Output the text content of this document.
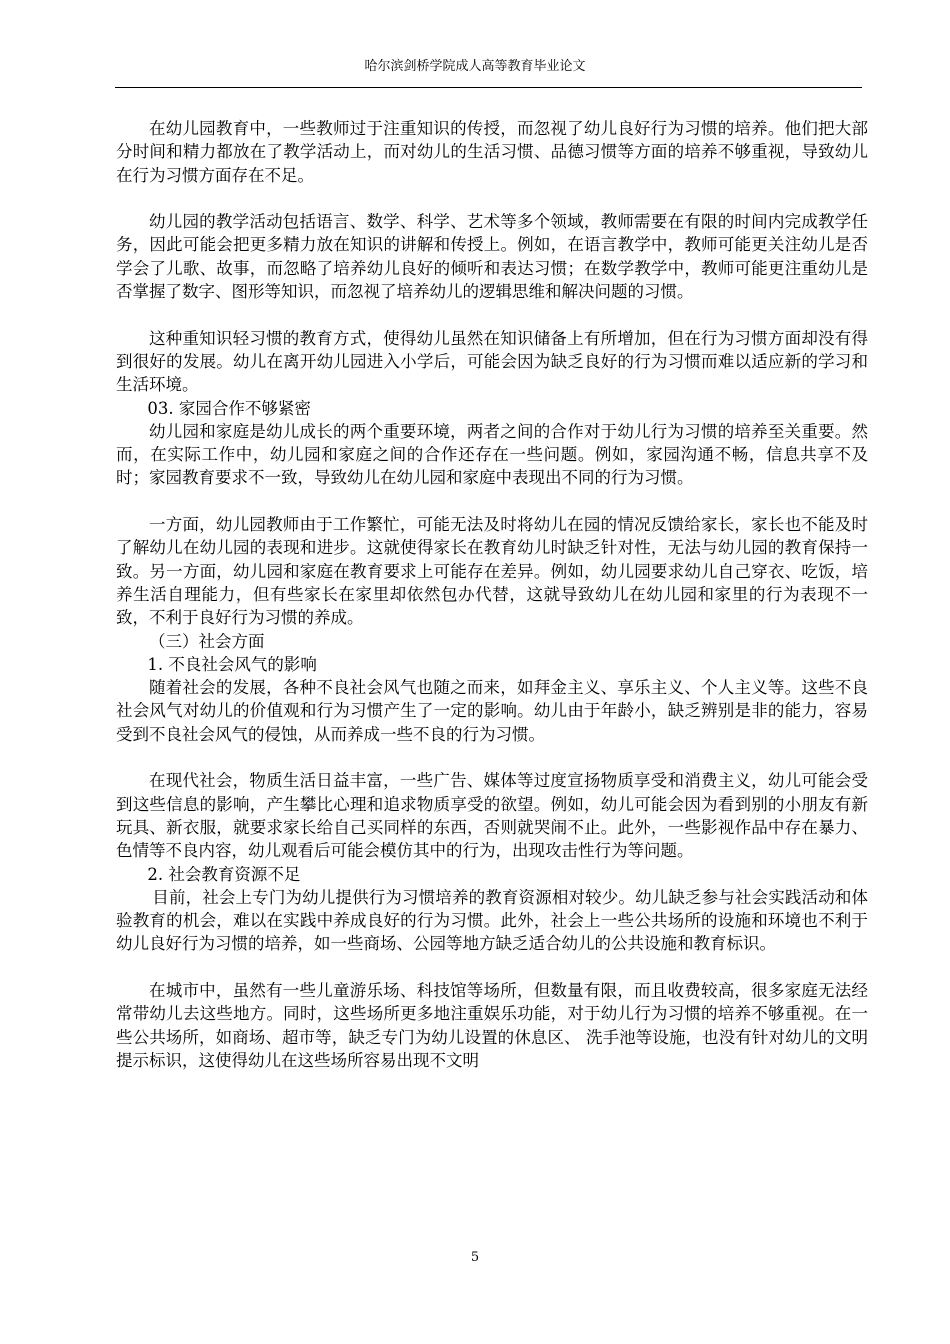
哈尔滨剑桥学院成人高等教育毕业论文

在幼儿园教育中，一些教师过于注重知识的传授，而忽视了幼儿良好行为习惯的培养。他们把大部分时间和精力都放在了教学活动上，而对幼儿的生活习惯、品德习惯等方面的培养不够重视，导致幼儿在行为习惯方面存在不足。

幼儿园的教学活动包括语言、数学、科学、艺术等多个领域，教师需要在有限的时间内完成教学任务，因此可能会把更多精力放在知识的讲解和传授上。例如，在语言教学中，教师可能更关注幼儿是否学会了儿歌、故事，而忽略了培养幼儿良好的倾听和表达习惯；在数学教学中，教师可能更注重幼儿是否掌握了数字、图形等知识，而忽视了培养幼儿的逻辑思维和解决问题的习惯。

这种重知识轻习惯的教育方式，使得幼儿虽然在知识储备上有所增加，但在行为习惯方面却没有得到很好的发展。幼儿在离开幼儿园进入小学后，可能会因为缺乏良好的行为习惯而难以适应新的学习和生活环境。

03. 家园合作不够紧密

幼儿园和家庭是幼儿成长的两个重要环境，两者之间的合作对于幼儿行为习惯的培养至关重要。然而，在实际工作中，幼儿园和家庭之间的合作还存在一些问题。例如，家园沟通不畅，信息共享不及时；家园教育要求不一致，导致幼儿在幼儿园和家庭中表现出不同的行为习惯。

一方面，幼儿园教师由于工作繁忙，可能无法及时将幼儿在园的情况反馈给家长，家长也不能及时了解幼儿在幼儿园的表现和进步。这就使得家长在教育幼儿时缺乏针对性，无法与幼儿园的教育保持一致。另一方面，幼儿园和家庭在教育要求上可能存在差异。例如，幼儿园要求幼儿自己穿衣、吃饭，培养生活自理能力，但有些家长在家里却依然包办代替，这就导致幼儿在幼儿园和家里的行为表现不一致，不利于良好行为习惯的养成。

（三）社会方面

1. 不良社会风气的影响

随着社会的发展，各种不良社会风气也随之而来，如拜金主义、享乐主义、个人主义等。这些不良社会风气对幼儿的价值观和行为习惯产生了一定的影响。幼儿由于年龄小，缺乏辨别是非的能力，容易受到不良社会风气的侵蚀，从而养成一些不良的行为习惯。

在现代社会，物质生活日益丰富，一些广告、媒体等过度宣扬物质享受和消费主义，幼儿可能会受到这些信息的影响，产生攀比心理和追求物质享受的欲望。例如，幼儿可能会因为看到别的小朋友有新玩具、新衣服，就要求家长给自己买同样的东西，否则就哭闹不止。此外，一些影视作品中存在暴力、色情等不良内容，幼儿观看后可能会模仿其中的行为，出现攻击性行为等问题。

2. 社会教育资源不足

目前，社会上专门为幼儿提供行为习惯培养的教育资源相对较少。幼儿缺乏参与社会实践活动和体验教育的机会，难以在实践中养成良好的行为习惯。此外，社会上一些公共场所的设施和环境也不利于幼儿良好行为习惯的培养，如一些商场、公园等地方缺乏适合幼儿的公共设施和教育标识。

在城市中，虽然有一些儿童游乐场、科技馆等场所，但数量有限，而且收费较高，很多家庭无法经常带幼儿去这些地方。同时，这些场所更多地注重娱乐功能，对于幼儿行为习惯的培养不够重视。在一些公共场所，如商场、超市等，缺乏专门为幼儿设置的休息区、 洗手池等设施，也没有针对幼儿的文明提示标识，这使得幼儿在这些场所容易出现不文明

5
